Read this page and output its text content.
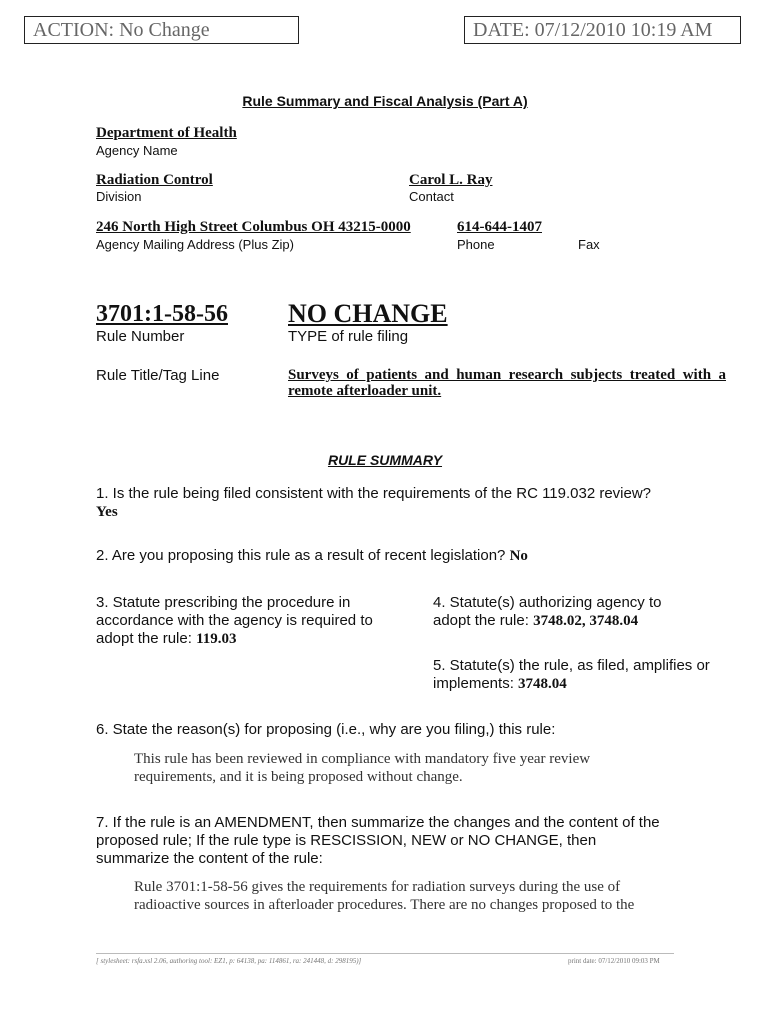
ACTION: No Change	DATE: 07/12/2010 10:19 AM
Rule Summary and Fiscal Analysis (Part A)
Department of Health
Agency Name
Radiation Control
Division
Carol L. Ray
Contact
246 North High Street Columbus OH 43215-0000
Agency Mailing Address (Plus Zip)
614-644-1407
Phone	Fax
3701:1-58-56
Rule Number
NO CHANGE
TYPE of rule filing
Rule Title/Tag Line	Surveys of patients and human research subjects treated with a remote afterloader unit.
RULE SUMMARY
1. Is the rule being filed consistent with the requirements of the RC 119.032 review? Yes
2. Are you proposing this rule as a result of recent legislation? No
3. Statute prescribing the procedure in accordance with the agency is required to adopt the rule: 119.03
4. Statute(s) authorizing agency to adopt the rule: 3748.02, 3748.04
5. Statute(s) the rule, as filed, amplifies or implements: 3748.04
6. State the reason(s) for proposing (i.e., why are you filing,) this rule:
This rule has been reviewed in compliance with mandatory five year review requirements, and it is being proposed without change.
7. If the rule is an AMENDMENT, then summarize the changes and the content of the proposed rule; If the rule type is RESCISSION, NEW or NO CHANGE, then summarize the content of the rule:
Rule 3701:1-58-56 gives the requirements for radiation surveys during the use of radioactive sources in afterloader procedures. There are no changes proposed to the
[ stylesheet: rsfa.xsl 2.06, authoring tool: EZ1, p: 64138, pa: 114861, ra: 241448, d: 298195)]	print date: 07/12/2010 09:03 PM
